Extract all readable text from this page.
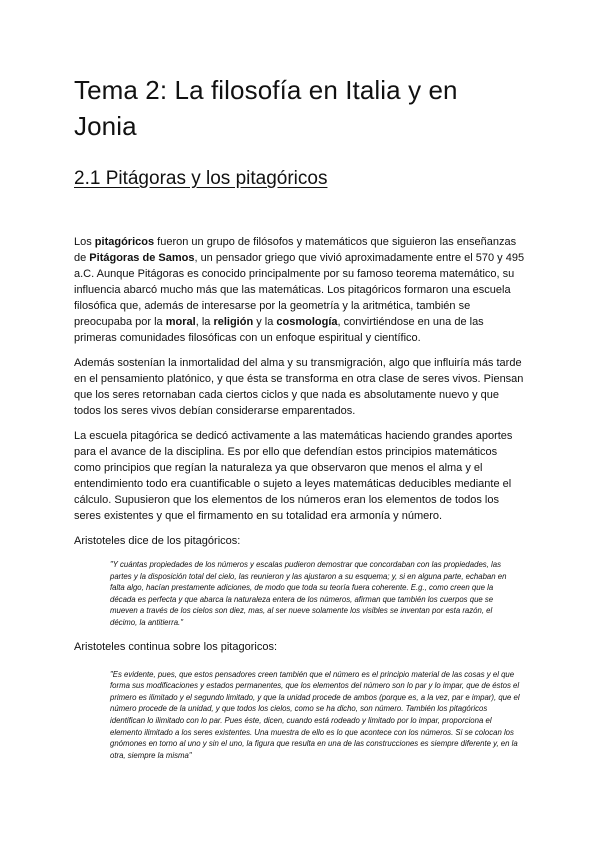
Tema 2: La filosofía en Italia y en Jonia
2.1 Pitágoras y los pitagóricos

Los pitagóricos fueron un grupo de filósofos y matemáticos que siguieron las enseñanzas de Pitágoras de Samos, un pensador griego que vivió aproximadamente entre el 570 y 495 a.C. Aunque Pitágoras es conocido principalmente por su famoso teorema matemático, su influencia abarcó mucho más que las matemáticas. Los pitagóricos formaron una escuela filosófica que, además de interesarse por la geometría y la aritmética, también se preocupaba por la moral, la religión y la cosmología, convirtiéndose en una de las primeras comunidades filosóficas con un enfoque espiritual y científico.

Además sostenían la inmortalidad del alma y su transmigración, algo que influiría más tarde en el pensamiento platónico, y que ésta se transforma en otra clase de seres vivos. Piensan que los seres retornaban cada ciertos ciclos y que nada es absolutamente nuevo y que todos los seres vivos debían considerarse emparentados.

La escuela pitagórica se dedicó activamente a las matemáticas haciendo grandes aportes para el avance de la disciplina. Es por ello que defendían estos principios matemáticos como principios que regían la naturaleza ya que observaron que menos el alma y el entendimiento todo era cuantificable o sujeto a leyes matemáticas deducibles mediante el cálculo. Supusieron que los elementos de los números eran los elementos de todos los seres existentes y que el firmamento en su totalidad era armonía y número.

Aristoteles dice de los pitagóricos:

"Y cuántas propiedades de los números y escalas pudieron demostrar que concordaban con las propiedades, las partes y la disposición total del cielo, las reunieron y las ajustaron a su esquema; y, si en alguna parte, echaban en falta algo, hacían prestamente adiciones, de modo que toda su teoría fuera coherente. E.g., como creen que la década es perfecta y que abarca la naturaleza entera de los números, afirman que también los cuerpos que se mueven a través de los cielos son diez, mas, al ser nueve solamente los visibles se inventan por esta razón, el décimo, la antitierra."

Aristoteles continua sobre los pitagoricos:

"Es evidente, pues, que estos pensadores creen también que el número es el principio material de las cosas y el que forma sus modificaciones y estados permanentes, que los elementos del número son lo par y lo impar, que de éstos el primero es ilimitado y el segundo limitado, y que la unidad procede de ambos (porque es, a la vez, par e impar), que el número procede de la unidad, y que todos los cielos, como se ha dicho, son número. También los pitagóricos identifican lo ilimitado con lo par. Pues éste, dicen, cuando está rodeado y limitado por lo impar, proporciona el elemento ilimitado a los seres existentes. Una muestra de ello es lo que acontece con los números. Si se colocan los gnómones en torno al uno y sin el uno, la figura que resulta en una de las construcciones es siempre diferente y, en la otra, siempre la misma"
